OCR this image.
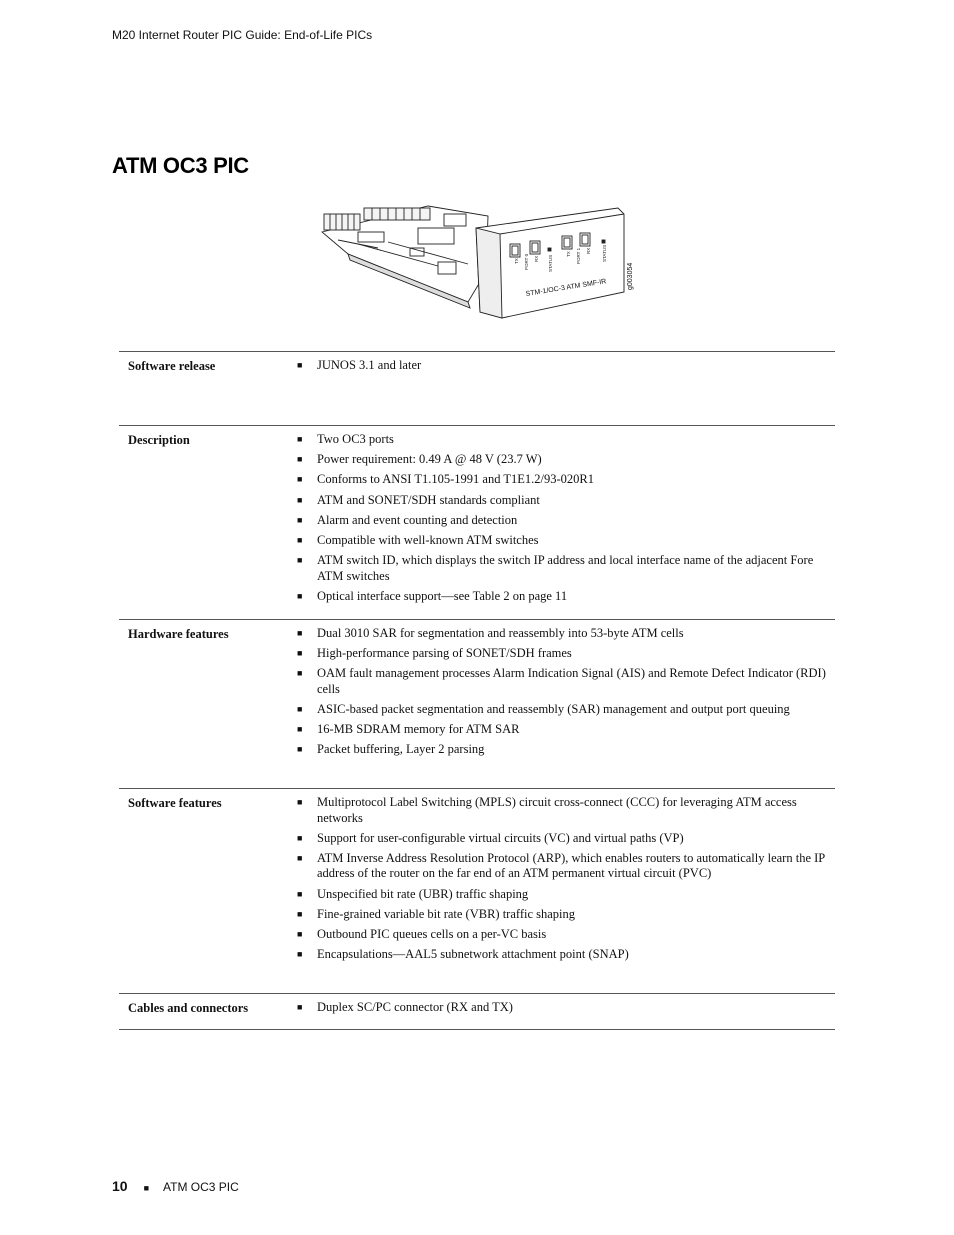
M20 Internet Router PIC Guide: End-of-Life PICs
ATM OC3 PIC
TX PORT 0 RX STATUS
TX PORT 1 RX STATUS
STM-1/OC-3 ATM SMF-IR	g003054
Software release	■	JUNOS 3.1 and later
Description	■	Two OC3 ports
■	Power requirement: 0.49 A @ 48 V (23.7 W)
■	Conforms to ANSI T1.105-1991 and T1E1.2/93-020R1
■	ATM and SONET/SDH standards compliant
■	Alarm and event counting and detection
■	Compatible with well-known ATM switches
■	ATM switch ID, which displays the switch IP address and local interface name of the adjacent Fore ATM switches
■	Optical interface support—see Table 2 on page 11
Hardware features	■	Dual 3010 SAR for segmentation and reassembly into 53-byte ATM cells
■	High-performance parsing of SONET/SDH frames
■	OAM fault management processes Alarm Indication Signal (AIS) and Remote Defect Indicator (RDI) cells
■	ASIC-based packet segmentation and reassembly (SAR) management and output port queuing
■	16-MB SDRAM memory for ATM SAR
■	Packet buffering, Layer 2 parsing
Software features	■	Multiprotocol Label Switching (MPLS) circuit cross-connect (CCC) for leveraging ATM access networks
■	Support for user-configurable virtual circuits (VC) and virtual paths (VP)
■	ATM Inverse Address Resolution Protocol (ARP), which enables routers to automatically learn the IP address of the router on the far end of an ATM permanent virtual circuit (PVC)
■	Unspecified bit rate (UBR) traffic shaping
■	Fine-grained variable bit rate (VBR) traffic shaping
■	Outbound PIC queues cells on a per-VC basis
■	Encapsulations—AAL5 subnetwork attachment point (SNAP)
Cables and connectors	■	Duplex SC/PC connector (RX and TX)
10 ■ ATM OC3 PIC
